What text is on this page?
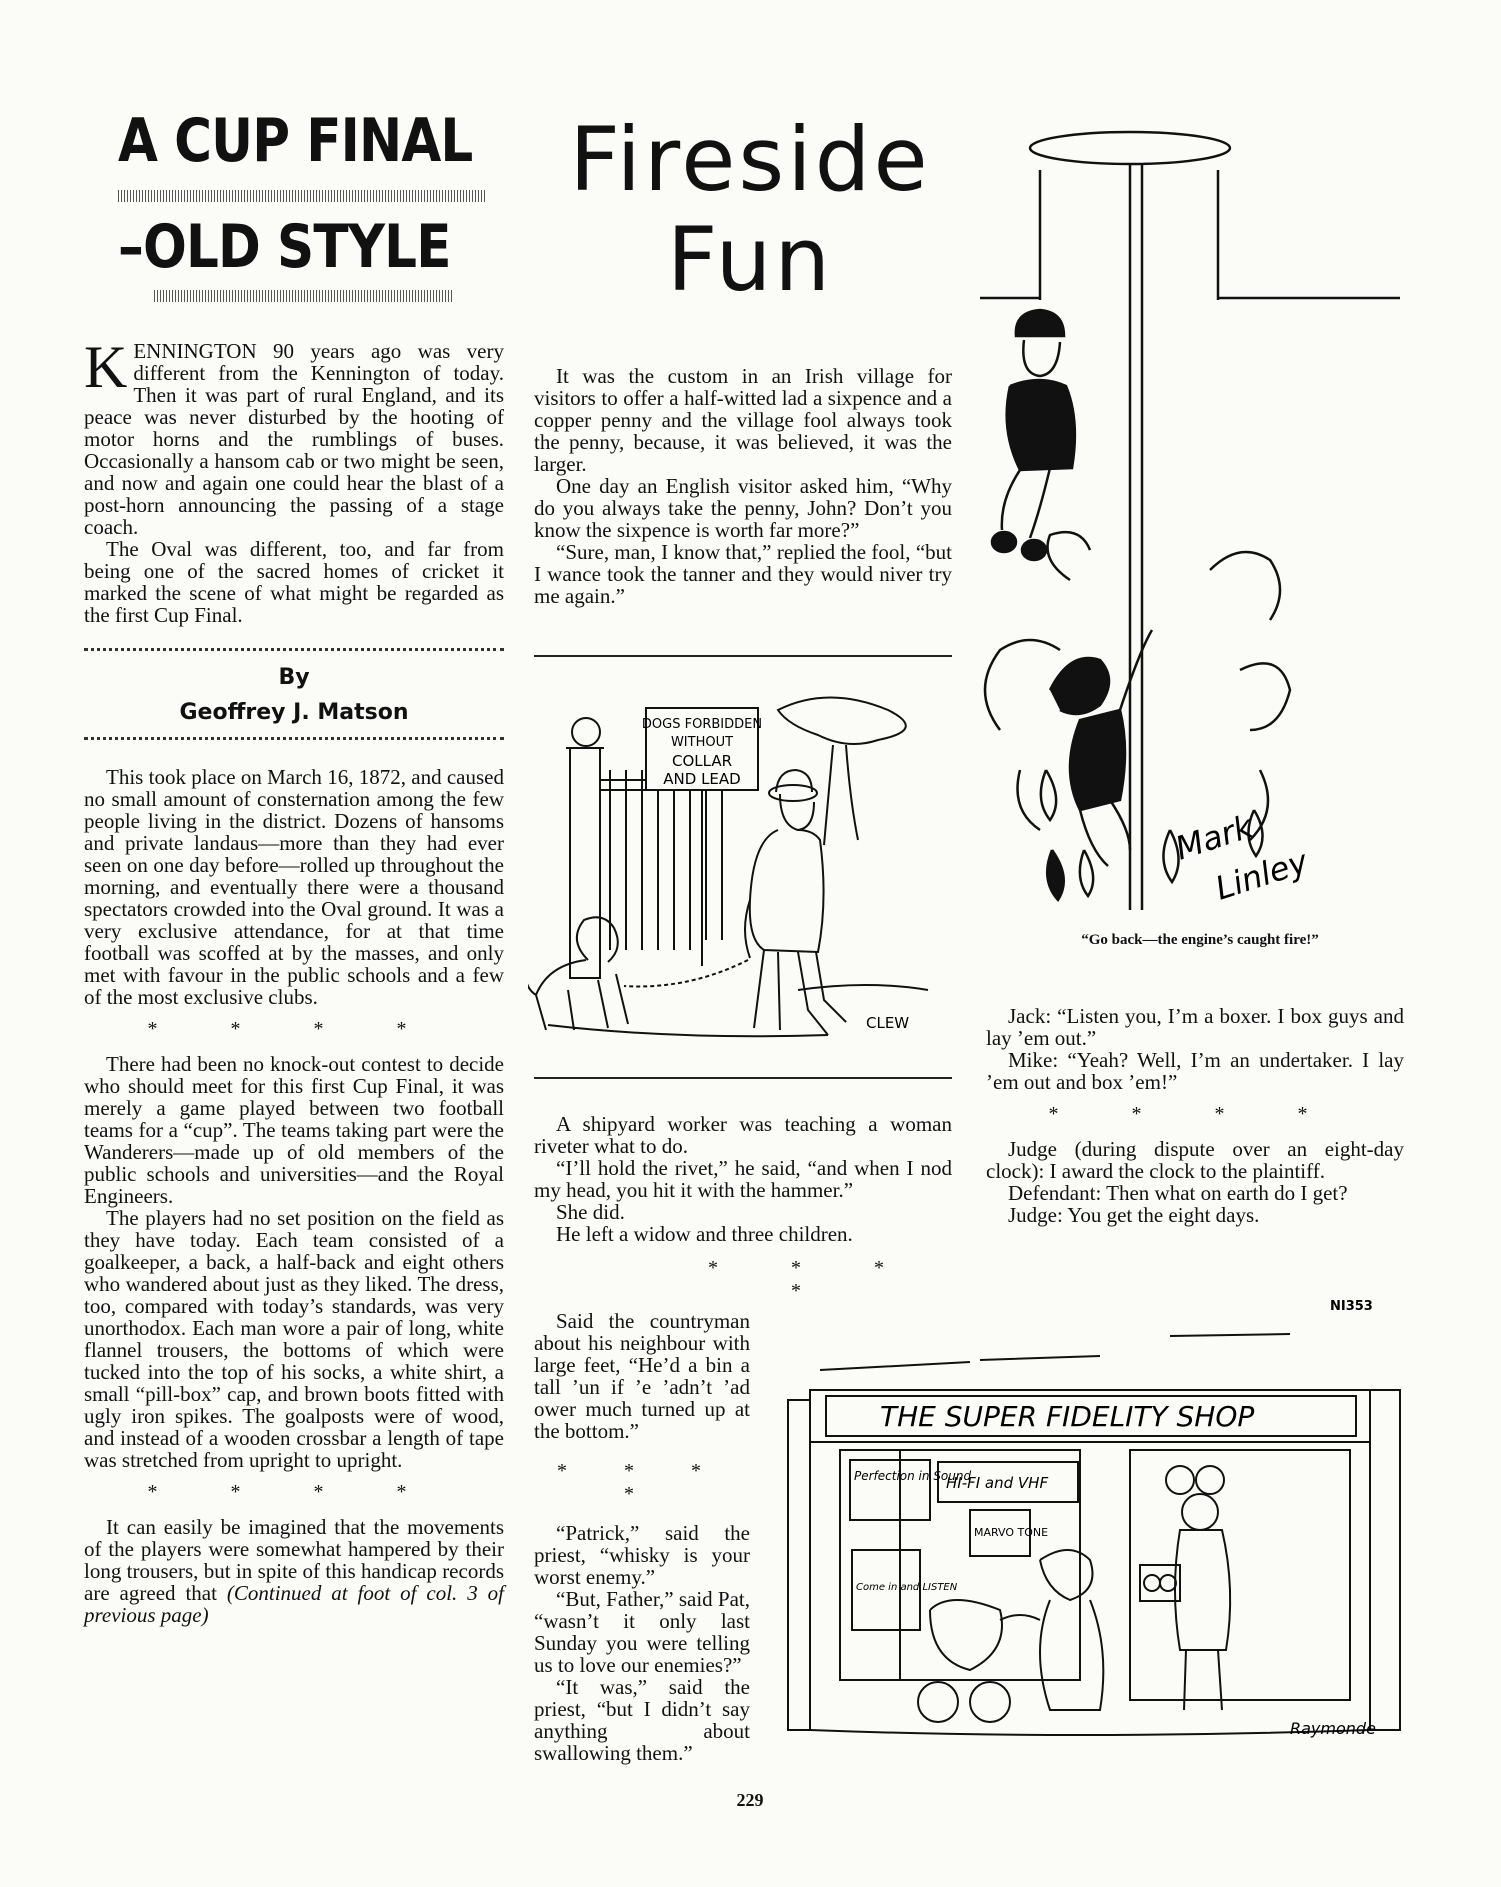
A CUP FINAL
–OLD STYLE

KENNINGTON 90 years ago was very different from the Kennington of today. Then it was part of rural England, and its peace was never disturbed by the hooting of motor horns and the rumblings of buses. Occasionally a hansom cab or two might be seen, and now and again one could hear the blast of a post-horn announcing the passing of a stage coach.

The Oval was different, too, and far from being one of the sacred homes of cricket it marked the scene of what might be regarded as the first Cup Final.

By
Geoffrey J. Matson

This took place on March 16, 1872, and caused no small amount of consternation among the few people living in the district. Dozens of hansoms and private landaus—more than they had ever seen on one day before—rolled up throughout the morning, and eventually there were a thousand spectators crowded into the Oval ground. It was a very exclusive attendance, for at that time football was scoffed at by the masses, and only met with favour in the public schools and a few of the most exclusive clubs.

* * * *

There had been no knock-out contest to decide who should meet for this first Cup Final, it was merely a game played between two football teams for a “cup”. The teams taking part were the Wanderers—made up of old members of the public schools and universities—and the Royal Engineers.

The players had no set position on the field as they have today. Each team consisted of a goalkeeper, a back, a half-back and eight others who wandered about just as they liked. The dress, too, compared with today’s standards, was very unorthodox. Each man wore a pair of long, white flannel trousers, the bottoms of which were tucked into the top of his socks, a white shirt, a small “pill-box” cap, and brown boots fitted with ugly iron spikes. The goalposts were of wood, and instead of a wooden crossbar a length of tape was stretched from upright to upright.

* * * *

It can easily be imagined that the movements of the players were somewhat hampered by their long trousers, but in spite of this handicap records are agreed that (Continued at foot of col. 3 of previous page)

Fireside
Fun

It was the custom in an Irish village for visitors to offer a half-witted lad a sixpence and a copper penny and the village fool always took the penny, because, it was believed, it was the larger.

One day an English visitor asked him, “Why do you always take the penny, John? Don’t you know the sixpence is worth far more?”

“Sure, man, I know that,” replied the fool, “but I wance took the tanner and they would niver try me again.”

DOGS FORBIDDEN
WITHOUT
COLLAR
AND LEAD
CLEW

A shipyard worker was teaching a woman riveter what to do.

“I’ll hold the rivet,” he said, “and when I nod my head, you hit it with the hammer.”

She did.

He left a widow and three children.

* * * *

Said the countryman about his neighbour with large feet, “He’d a bin a tall ’un if ’e ’adn’t ’ad ower much turned up at the bottom.”

* * * *

“Patrick,” said the priest, “whisky is your worst enemy.”

“But, Father,” said Pat, “wasn’t it only last Sunday you were telling us to love our enemies?”

“It was,” said the priest, “but I didn’t say anything about swallowing them.”

Mark
Linley
“Go back—the engine’s caught fire!”

Jack: “Listen you, I’m a boxer. I box guys and lay ’em out.”

Mike: “Yeah? Well, I’m an undertaker. I lay ’em out and box ’em!”

* * * *

Judge (during dispute over an eight-day clock): I award the clock to the plaintiff.

Defendant: Then what on earth do I get?

Judge: You get the eight days.

NI353
THE SUPER FIDELITY SHOP
Perfection in Sound
HI-FI and VHF
MARVO TONE
Come in and LISTEN
Raymonde
229
